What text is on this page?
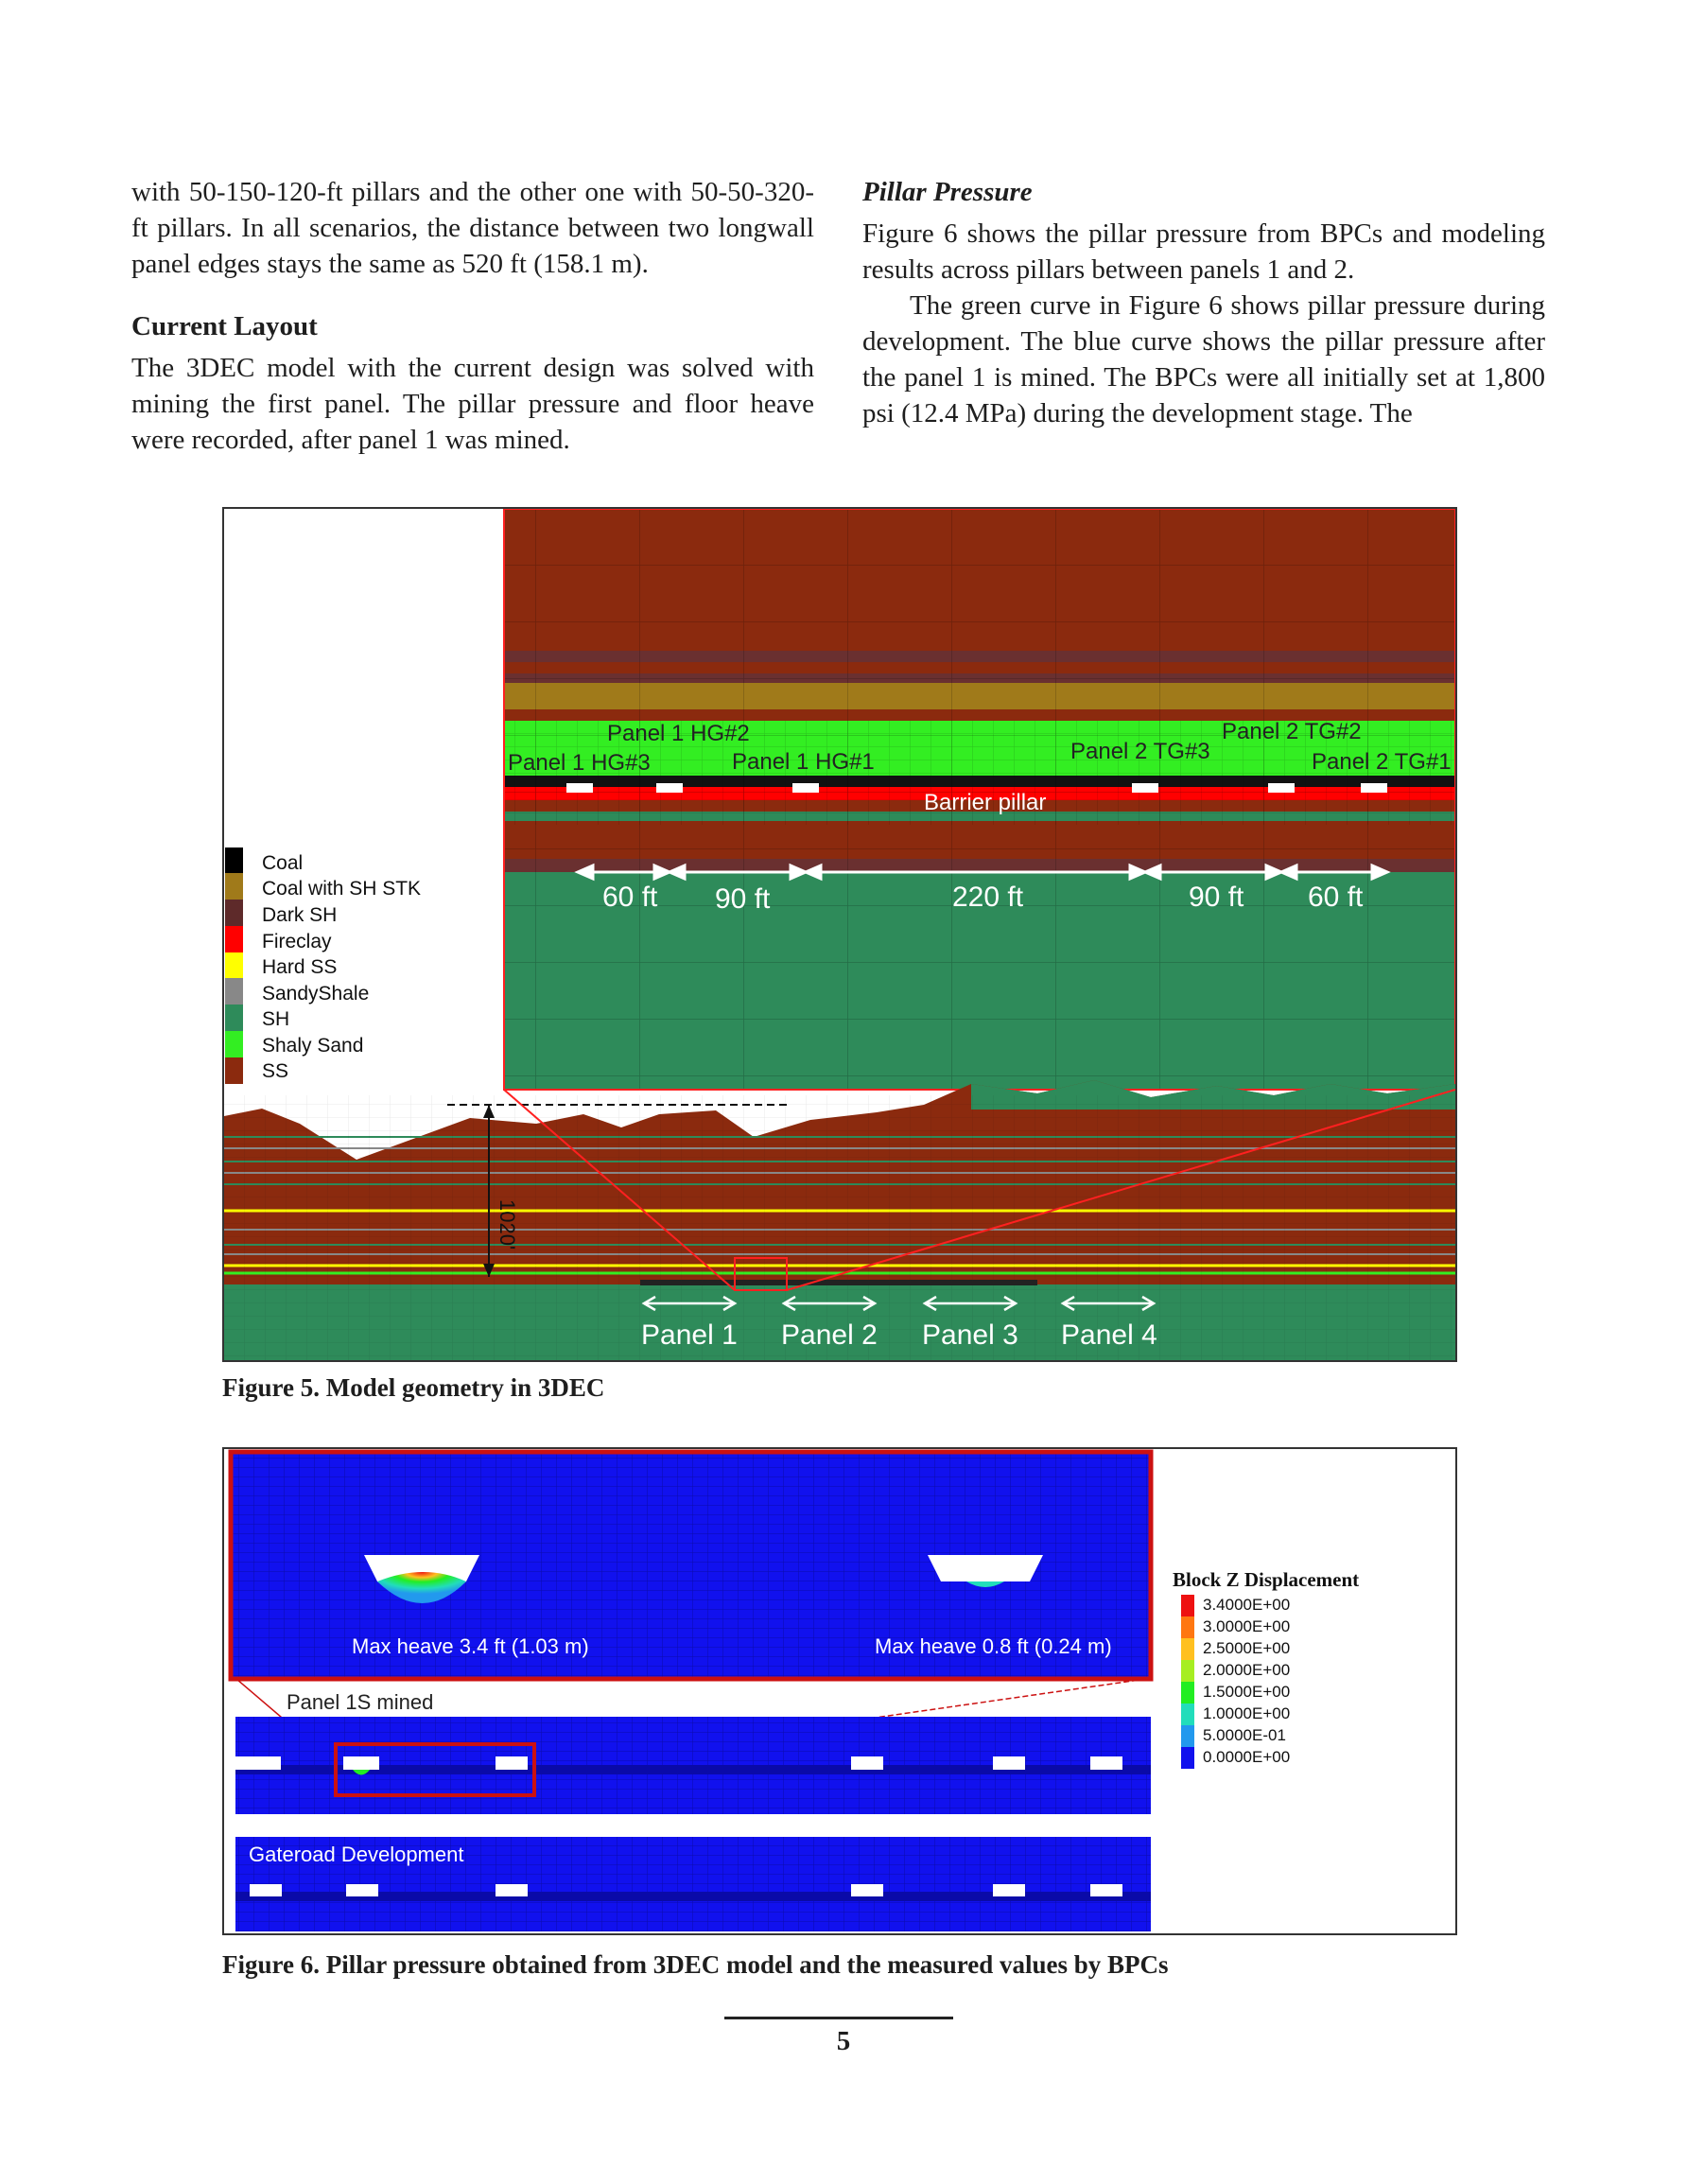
with 50-150-120-ft pillars and the other one with 50-50-320-ft pillars. In all scenarios, the distance between two longwall panel edges stays the same as 520 ft (158.1 m).

Current Layout

The 3DEC model with the current design was solved with mining the first panel. The pillar pressure and floor heave were recorded, after panel 1 was mined.

Pillar Pressure

Figure 6 shows the pillar pressure from BPCs and modeling results across pillars between panels 1 and 2.

The green curve in Figure 6 shows pillar pressure during development. The blue curve shows the pillar pressure after the panel 1 is mined. The BPCs were all initially set at 1,800 psi (12.4 MPa) during the development stage. The

Panel 1 HG#2
Panel 1 HG#3	Panel 1 HG#1	Panel 2 TG#3
Panel 2 TG#2
Panel 2 TG#1
Barrier pillar
60 ft 90 ft	220 ft	90 ft 60 ft
Coal
Coal with SH STK
Dark SH
Fireclay
Hard SS
SandyShale
SH
Shaly Sand
SS
1020'
Panel 1 Panel 2 Panel 3 Panel 4
Figure 5. Model geometry in 3DEC
Max heave 3.4 ft (1.03 m)	Max heave 0.8 ft (0.24 m)
Panel 1S mined
Gateroad Development
Block Z Displacement
3.4000E+00
3.0000E+00
2.5000E+00
2.0000E+00
1.5000E+00
1.0000E+00
5.0000E-01
0.0000E+00
Figure 6. Pillar pressure obtained from 3DEC model and the measured values by BPCs
5
